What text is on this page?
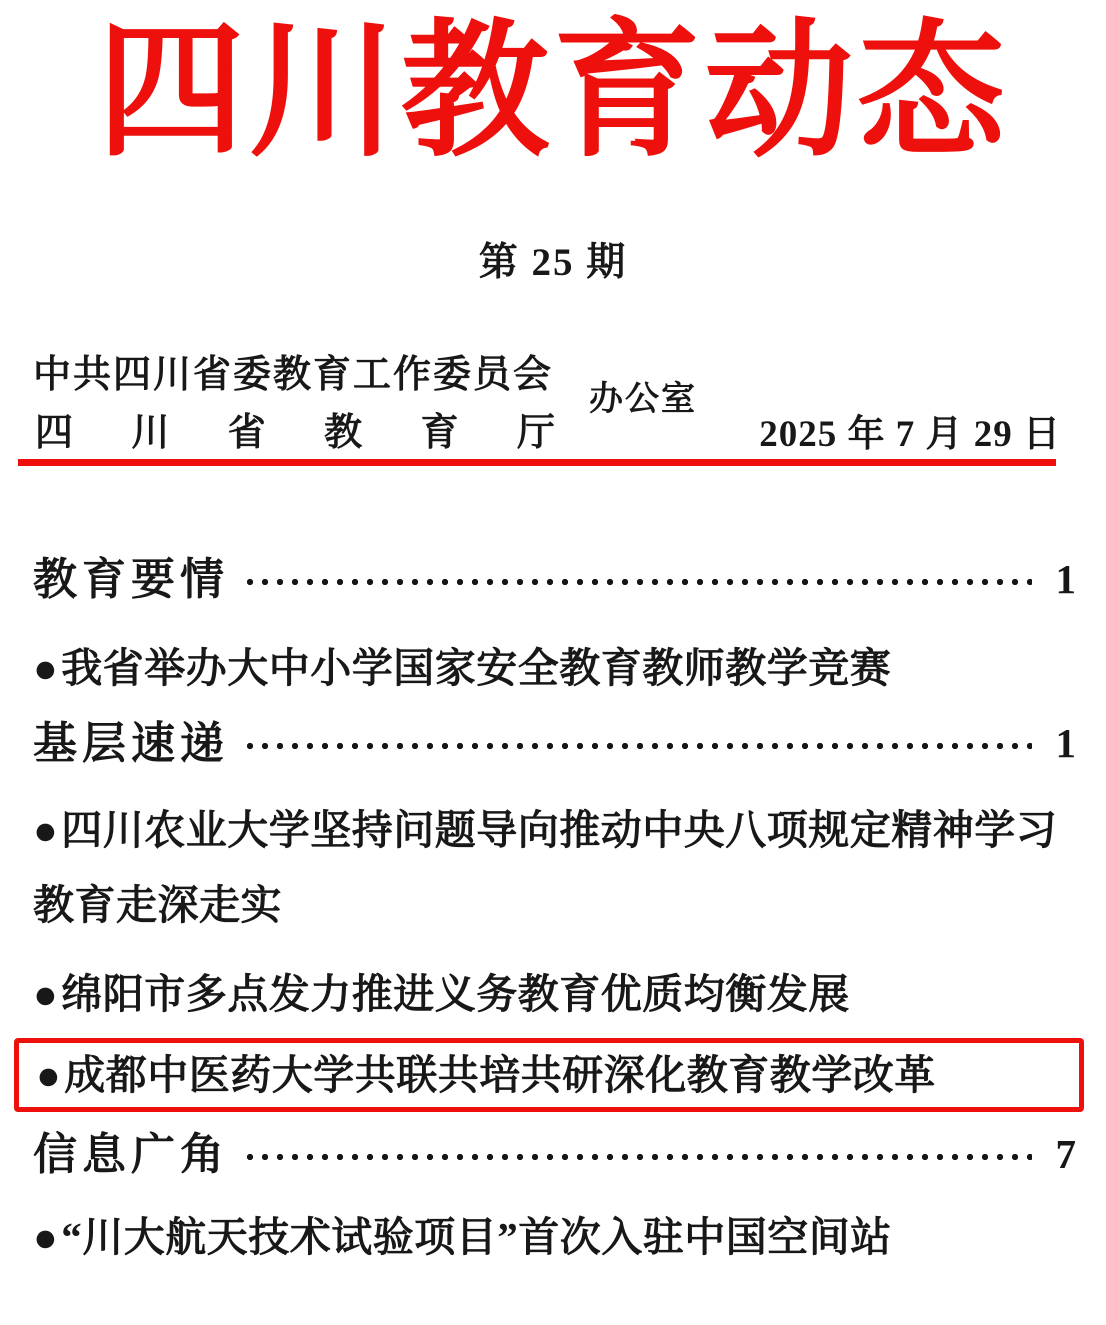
四川教育动态
第 25 期
中共四川省委教育工作委员会
四 川 省 教 育 厅
办公室
2025 年 7 月 29 日
教育要情	1
●我省举办大中小学国家安全教育教师教学竞赛
基层速递	1
●四川农业大学坚持问题导向推动中央八项规定精神学习教育走深走实
●绵阳市多点发力推进义务教育优质均衡发展
●成都中医药大学共联共培共研深化教育教学改革
信息广角	7
●“川大航天技术试验项目”首次入驻中国空间站
